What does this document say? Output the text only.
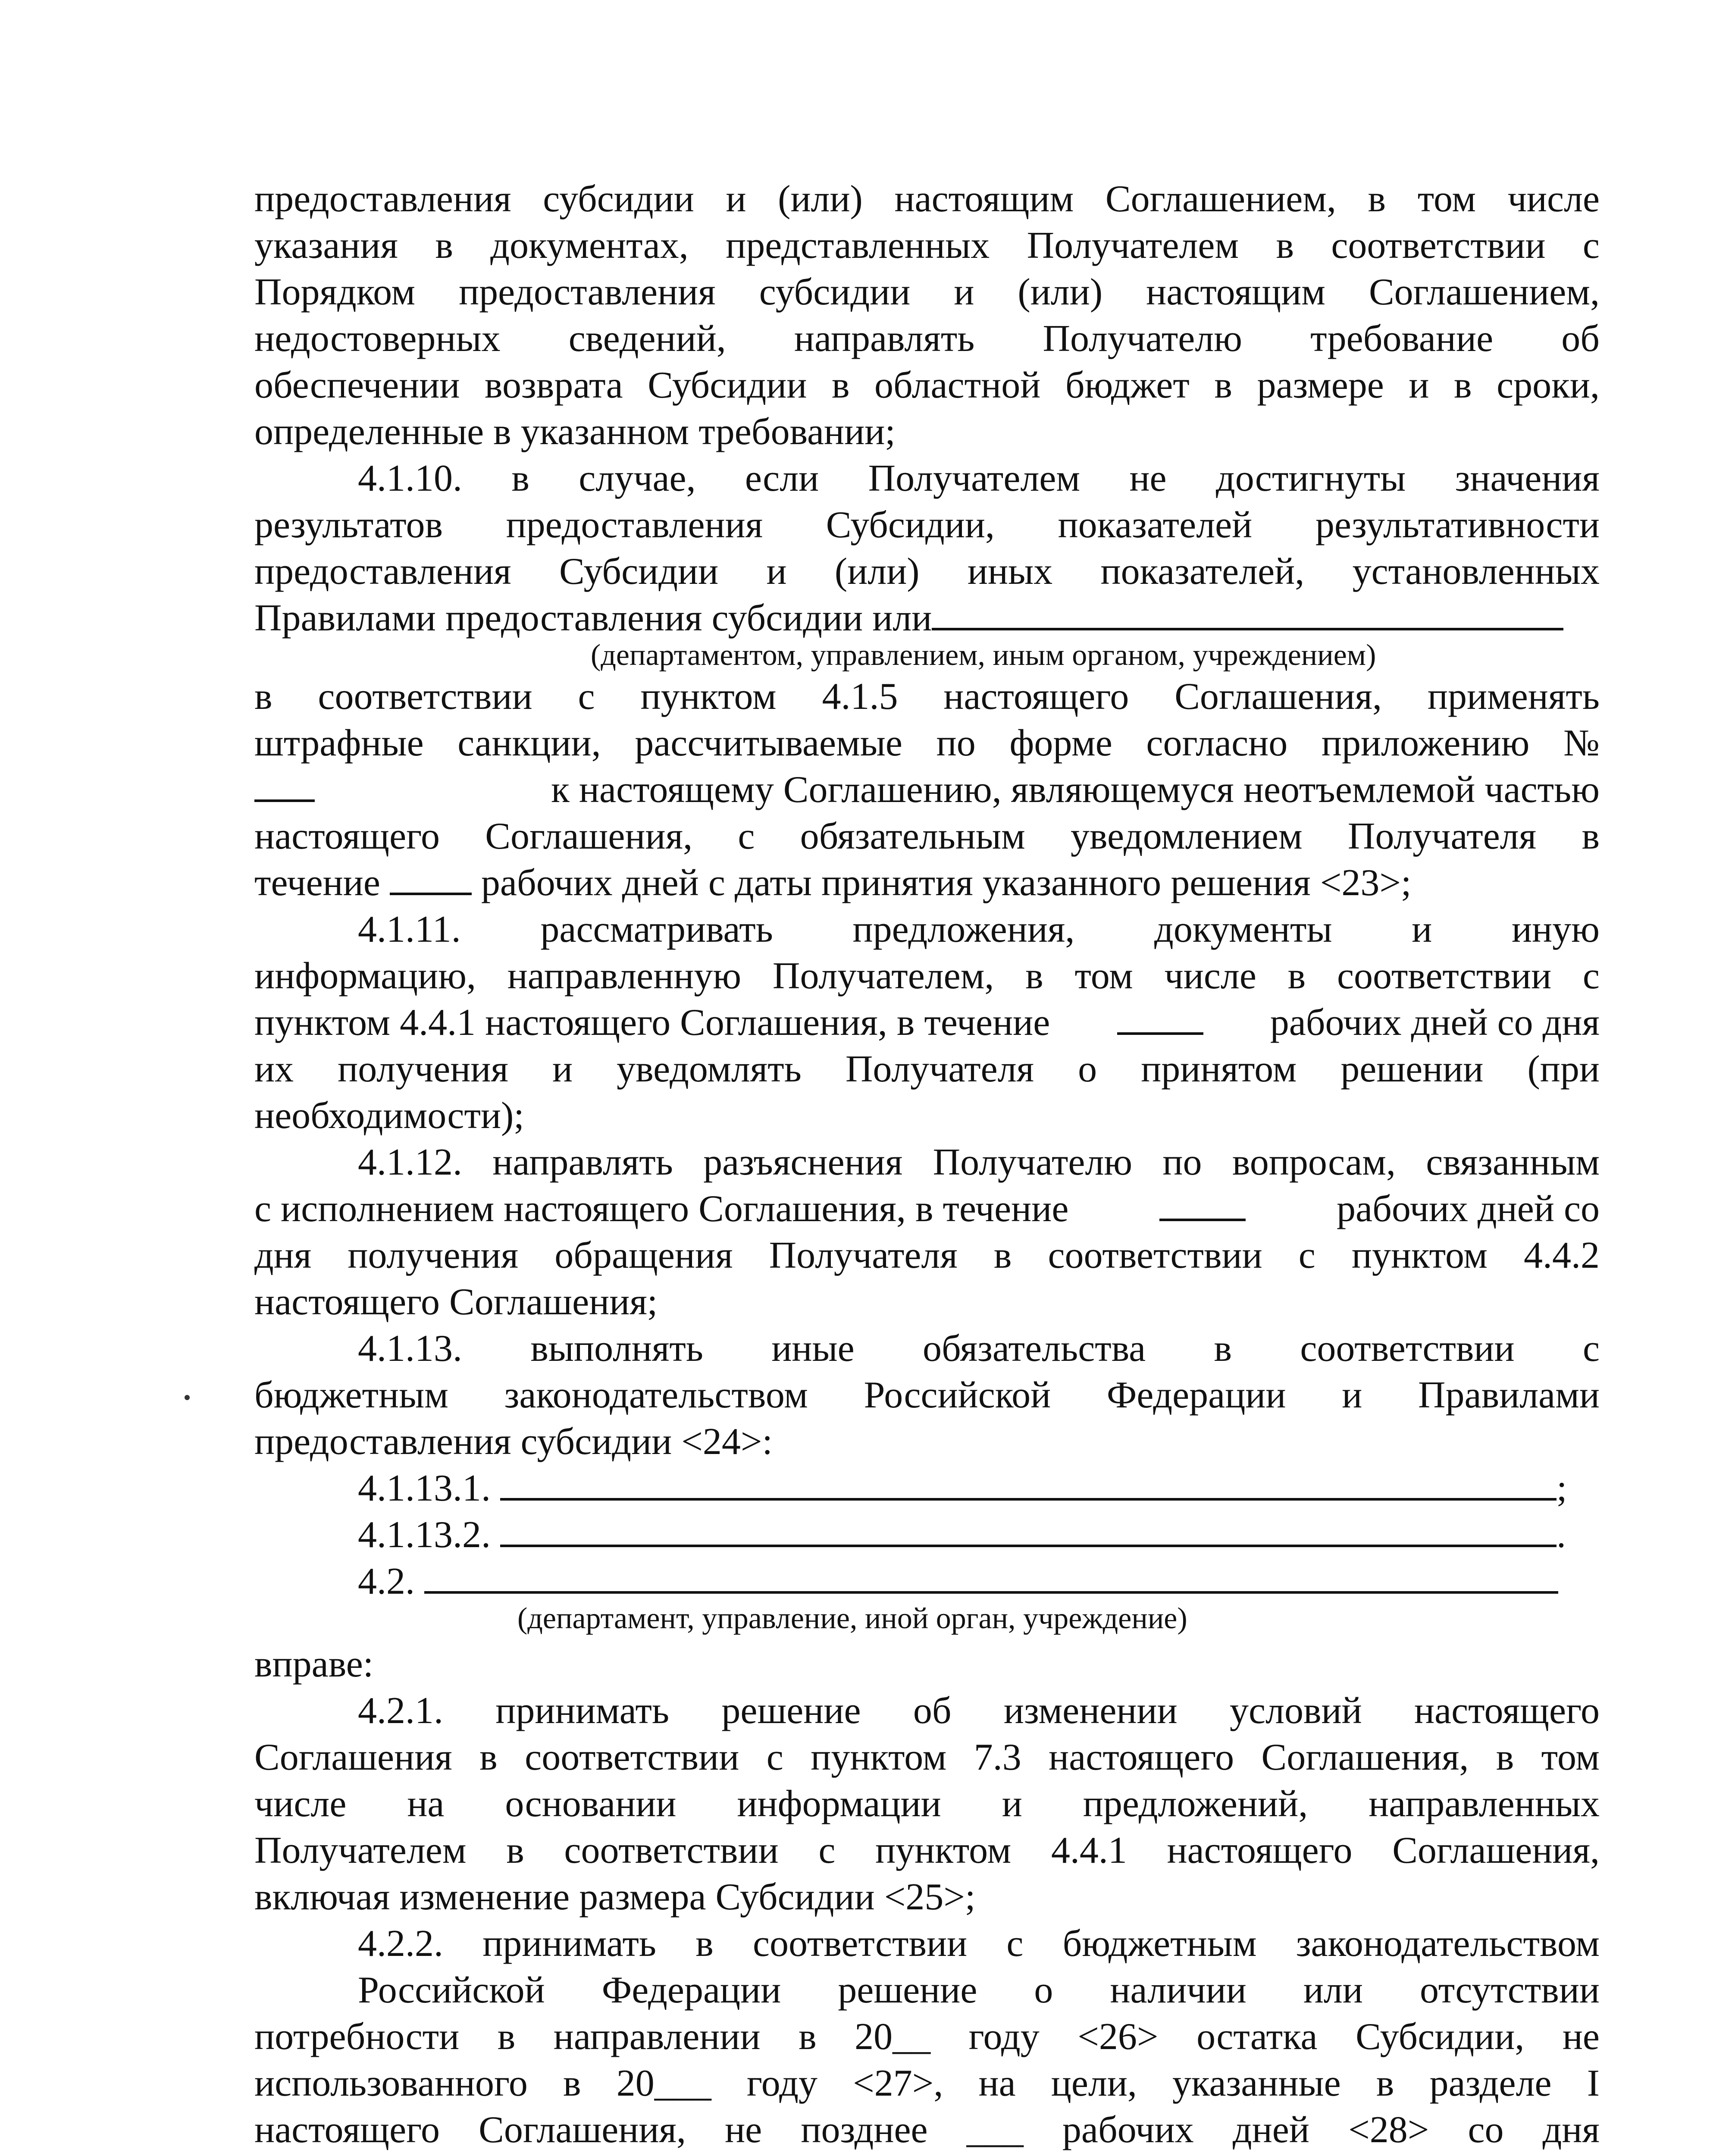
предоставления субсидии и (или) настоящим Соглашением, в том числе
указания в документах, представленных Получателем в соответствии с
Порядком предоставления субсидии и (или) настоящим Соглашением,
недостоверных сведений, направлять Получателю требование об
обеспечении возврата Субсидии в областной бюджет в размере и в сроки,
определенные в указанном требовании;
4.1.10. в случае, если Получателем не достигнуты значения
результатов предоставления Субсидии, показателей результативности
предоставления Субсидии и (или) иных показателей, установленных
Правилами предоставления субсидии или
(департаментом, управлением, иным органом, учреждением)
в соответствии с пунктом 4.1.5 настоящего Соглашения, применять
штрафные санкции, рассчитываемые по форме согласно приложению №
к настоящему Соглашению, являющемуся неотъемлемой частью
настоящего Соглашения, с обязательным уведомлением Получателя в
течение	рабочих дней с даты принятия указанного решения <23>;
4.1.11. рассматривать предложения, документы и иную
информацию, направленную Получателем, в том числе в соответствии с
пунктом 4.4.1 настоящего Соглашения, в течение	рабочих дней со дня
их получения и уведомлять Получателя о принятом решении (при
необходимости);
4.1.12. направлять разъяснения Получателю по вопросам, связанным
с исполнением настоящего Соглашения, в течение	рабочих дней со
дня получения обращения Получателя в соответствии с пунктом 4.4.2
настоящего Соглашения;
4.1.13. выполнять иные обязательства в соответствии с
бюджетным законодательством Российской Федерации и Правилами
предоставления субсидии <24>:
4.1.13.1.	;
4.1.13.2.	.
4.2.
(департамент, управление, иной орган, учреждение)
вправе:
4.2.1. принимать решение об изменении условий настоящего
Соглашения в соответствии с пунктом 7.3 настоящего Соглашения, в том
числе на основании информации и предложений, направленных
Получателем в соответствии с пунктом 4.4.1 настоящего Соглашения,
включая изменение размера Субсидии <25>;
4.2.2. принимать в соответствии с бюджетным законодательством
Российской Федерации решение о наличии или отсутствии
потребности в направлении в 20__ году <26> остатка Субсидии, не
использованного в 20___ году <27>, на цели, указанные в разделе I
настоящего Соглашения, не позднее ___ рабочих дней <28> со дня
